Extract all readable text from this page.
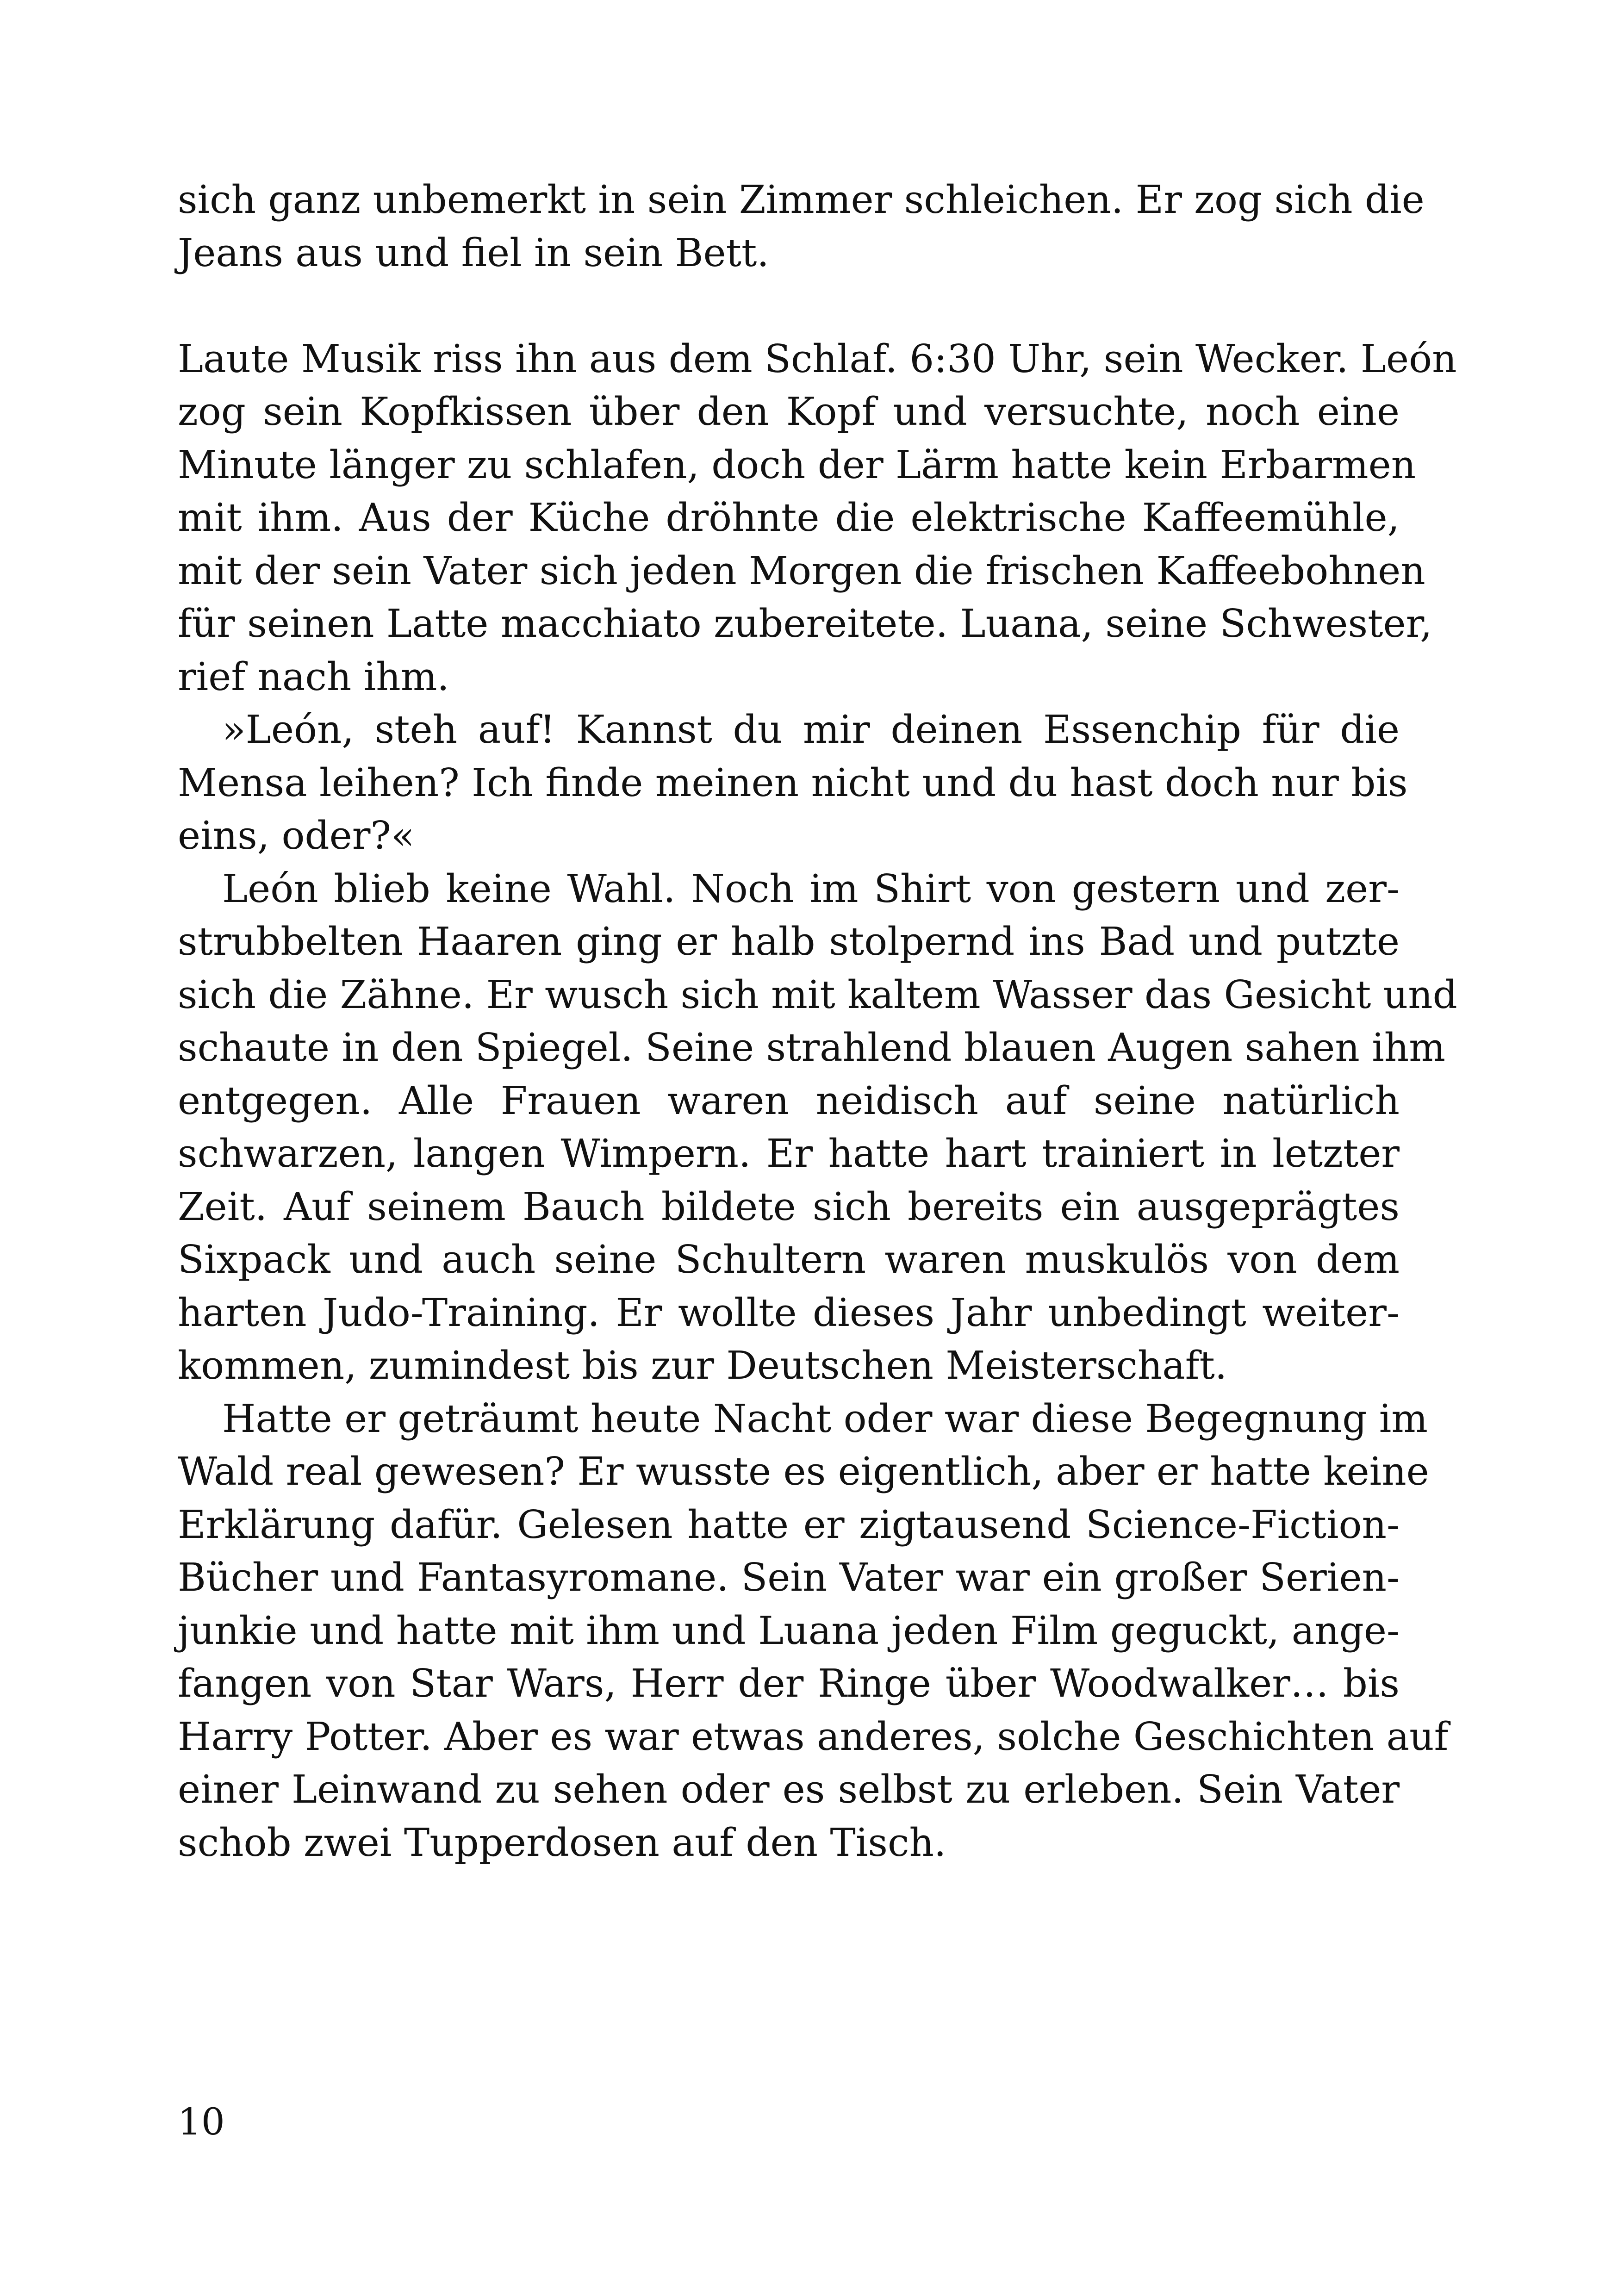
sich ganz unbemerkt in sein Zimmer schleichen. Er zog sich die
Jeans aus und fiel in sein Bett.
Laute Musik riss ihn aus dem Schlaf. 6:30 Uhr, sein Wecker. León
zog sein Kopfkissen über den Kopf und versuchte, noch eine
Minute länger zu schlafen, doch der Lärm hatte kein Erbarmen
mit ihm. Aus der Küche dröhnte die elektrische Kaffeemühle,
mit der sein Vater sich jeden Morgen die frischen Kaffeebohnen
für seinen Latte macchiato zubereitete. Luana, seine Schwester,
rief nach ihm.
»León, steh auf! Kannst du mir deinen Essenchip für die
Mensa leihen? Ich finde meinen nicht und du hast doch nur bis
eins, oder?«
León blieb keine Wahl. Noch im Shirt von gestern und zer-
strubbelten Haaren ging er halb stolpernd ins Bad und putzte
sich die Zähne. Er wusch sich mit kaltem Wasser das Gesicht und
schaute in den Spiegel. Seine strahlend blauen Augen sahen ihm
entgegen. Alle Frauen waren neidisch auf seine natürlich
schwarzen, langen Wimpern. Er hatte hart trainiert in letzter
Zeit. Auf seinem Bauch bildete sich bereits ein ausgeprägtes
Sixpack und auch seine Schultern waren muskulös von dem
harten Judo-Training. Er wollte dieses Jahr unbedingt weiter-
kommen, zumindest bis zur Deutschen Meisterschaft.
Hatte er geträumt heute Nacht oder war diese Begegnung im
Wald real gewesen? Er wusste es eigentlich, aber er hatte keine
Erklärung dafür. Gelesen hatte er zigtausend Science-Fiction-
Bücher und Fantasyromane. Sein Vater war ein großer Serien-
junkie und hatte mit ihm und Luana jeden Film geguckt, ange-
fangen von Star Wars, Herr der Ringe über Woodwalker… bis
Harry Potter. Aber es war etwas anderes, solche Geschichten auf
einer Leinwand zu sehen oder es selbst zu erleben. Sein Vater
schob zwei Tupperdosen auf den Tisch.
10
